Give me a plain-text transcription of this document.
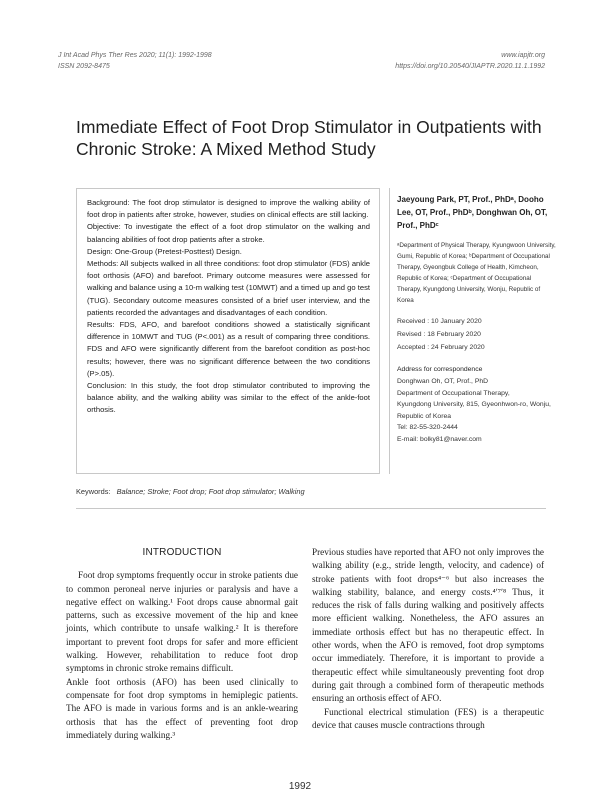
J Int Acad Phys Ther Res 2020; 11(1): 1992-1998
ISSN 2092-8475
www.iapjtr.org
https://doi.org/10.20540/JIAPTR.2020.11.1.1992
Immediate Effect of Foot Drop Stimulator in Outpatients with Chronic Stroke: A Mixed Method Study

Background: The foot drop stimulator is designed to improve the walking ability of foot drop in patients after stroke, however, studies on clinical effects are still lacking.

Objective: To investigate the effect of a foot drop stimulator on the walking and balancing abilities of foot drop patients after a stroke.

Design: One-Group (Pretest-Posttest) Design.

Methods: All subjects walked in all three conditions: foot drop stimulator (FDS) ankle foot orthosis (AFO) and barefoot. Primary outcome measures were assessed for walking and balance using a 10-m walking test (10MWT) and a timed up and go test (TUG). Secondary outcome measures consisted of a brief user interview, and the patients recorded the advantages and disadvantages of each condition.

Results: FDS, AFO, and barefoot conditions showed a statistically significant difference in 10MWT and TUG (P<.001) as a result of comparing three conditions. FDS and AFO were significantly different from the barefoot condition as post-hoc results; however, there was no significant difference between the two conditions (P>.05).

Conclusion: In this study, the foot drop stimulator contributed to improving the balance ability, and the walking ability was similar to the effect of the ankle-foot orthosis.

Jaeyoung Park, PT, Prof., PhDᵃ, Dooho Lee, OT, Prof., PhDᵇ, Donghwan Oh, OT, Prof., PhDᶜ
ᵃDepartment of Physical Therapy, Kyungwoon University, Gumi, Republic of Korea; ᵇDepartment of Occupational Therapy, Gyeongbuk College of Health, Kimcheon, Republic of Korea; ᶜDepartment of Occupational Therapy, Kyungdong University, Wonju, Republic of Korea
Received : 10 January 2020
Revised : 18 February 2020
Accepted : 24 February 2020
Address for correspondence
Donghwan Oh, OT, Prof., PhD
Department of Occupational Therapy,
Kyungdong University, 815, Gyeonhwon-ro, Wonju, Republic of Korea
Tel: 82-55-320-2444
E-mail: bolky81@naver.com
Keywords: Balance; Stroke; Foot drop; Foot drop stimulator; Walking
INTRODUCTION

Foot drop symptoms frequently occur in stroke patients due to common peroneal nerve injuries or paralysis and have a negative effect on walking.¹ Foot drops cause abnormal gait patterns, such as excessive movement of the hip and knee joints, which contribute to unsafe walking.² It is therefore important to prevent foot drops for safer and more efficient walking. However, rehabilitation to reduce foot drop symptoms in chronic stroke remains difficult.

Ankle foot orthosis (AFO) has been used clinically to compensate for foot drop symptoms in hemiplegic patients. The AFO is made in various forms and is an ankle-wearing orthosis that has the effect of preventing foot drop immediately during walking.³

Previous studies have reported that AFO not only improves the walking ability (e.g., stride length, velocity, and cadence) of stroke patients with foot drops⁴⁻⁶ but also increases the walking stability, balance, and energy costs.⁴ʹ⁷ʹ⁸ Thus, it reduces the risk of falls during walking and positively affects more efficient walking. Nonetheless, the AFO assures an immediate orthosis effect but has no therapeutic effect. In other words, when the AFO is removed, foot drop symptoms occur immediately. Therefore, it is important to provide a therapeutic effect while simultaneously preventing foot drop during gait through a combined form of therapeutic methods ensuring an orthosis effect of AFO.

Functional electrical stimulation (FES) is a therapeutic device that causes muscle contractions through

1992
